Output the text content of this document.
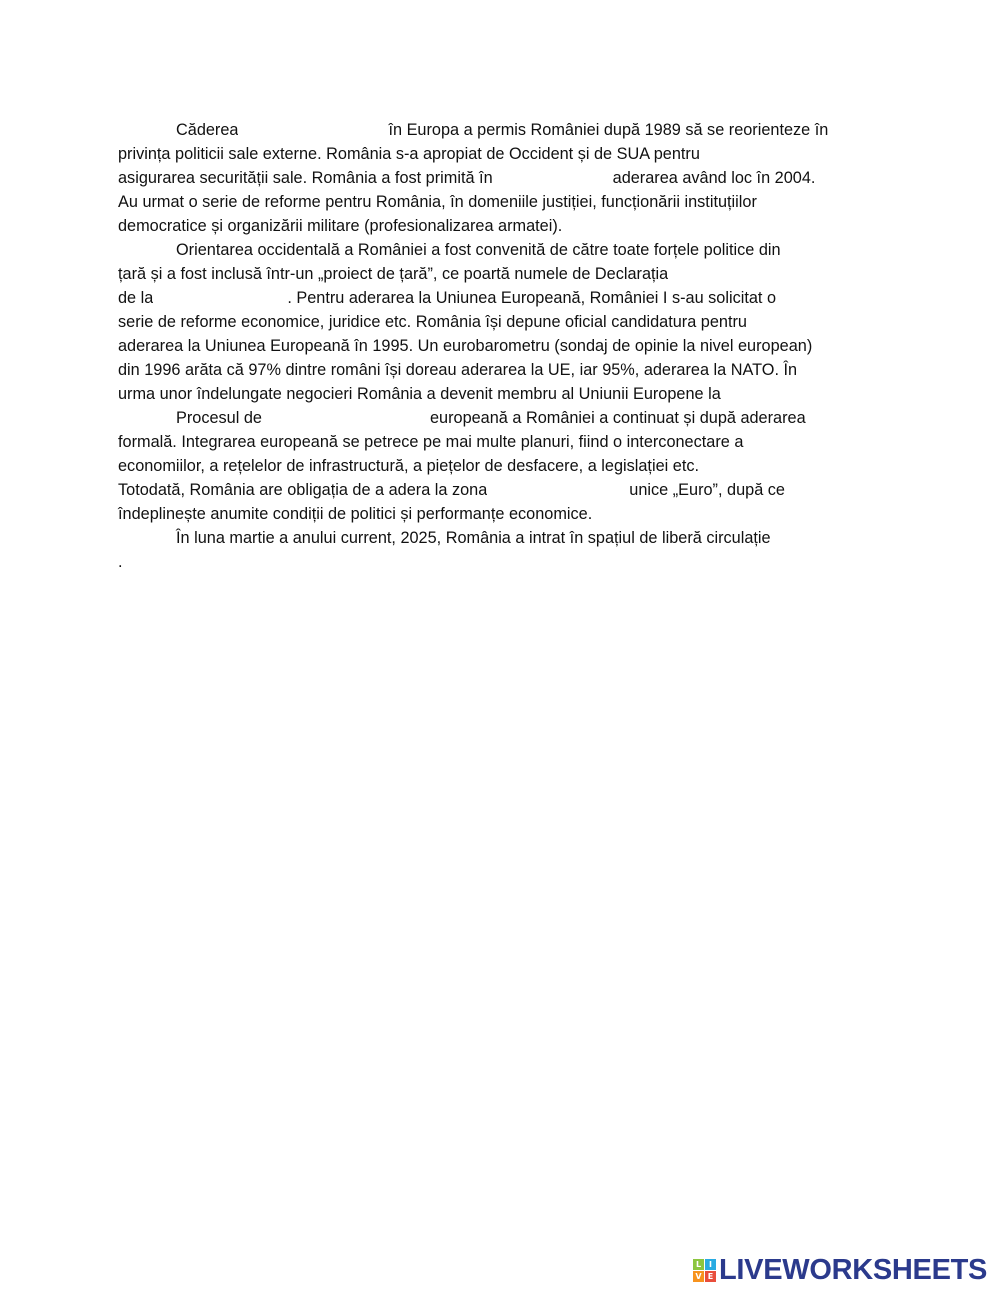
Căderea	în Europa a permis României după 1989 să se reorienteze în
privința politicii sale externe. România s-a apropiat de Occident și de SUA pentru
asigurarea securității sale. România a fost primită în	aderarea având loc în 2004.
Au urmat o serie de reforme pentru România, în domeniile justiției, funcționării instituțiilor
democratice și organizării militare (profesionalizarea armatei).
Orientarea occidentală a României a fost convenită de către toate forțele politice din
țară și a fost inclusă într-un „proiect de țară”, ce poartă numele de Declarația
de la	. Pentru aderarea la Uniunea Europeană, României I s-au solicitat o
serie de reforme economice, juridice etc. România își depune oficial candidatura pentru
aderarea la Uniunea Europeană în 1995. Un eurobarometru (sondaj de opinie la nivel european)
din 1996 arăta că 97% dintre români își doreau aderarea la UE, iar 95%, aderarea la NATO. În
urma unor îndelungate negocieri România a devenit membru al Uniunii Europene la
Procesul de	europeană a României a continuat și după aderarea
formală. Integrarea europeană se petrece pe mai multe planuri, fiind o interconectare a
economiilor, a rețelelor de infrastructură, a piețelor de desfacere, a legislației etc.
Totodată, România are obligația de a adera la zona	unice „Euro”, după ce
îndeplinește anumite condiții de politici și performanțe economice.
În luna martie a anului current, 2025, România a intrat în spațiul de liberă circulație
.
L I
V E LIVEWORKSHEETS
